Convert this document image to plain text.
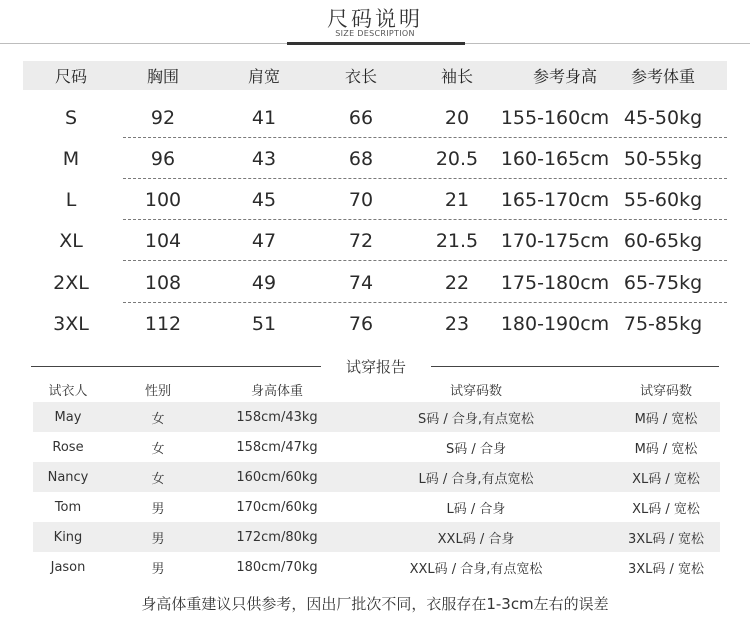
尺码说明
SIZE DESCRIPTION
尺码	胸围	肩宽	衣长	袖长	参考身高	参考体重
S	92	41	66	20	155-160cm 45-50kg
M	96	43	68	20.5	160-165cm 50-55kg
L	100	45	70	21	165-170cm 55-60kg
XL	104	47	72	21.5	170-175cm 60-65kg
2XL	108	49	74	22	175-180cm 65-75kg
3XL	112	51	76	23	180-190cm 75-85kg
试穿报告
试衣人	性别	身高体重	试穿码数	试穿码数
May	女	158cm/43kg	S码 / 合身,有点宽松	M码 / 宽松
Rose	女	158cm/47kg	S码 / 合身	M码 / 宽松
Nancy	女	160cm/60kg	L码 / 合身,有点宽松	XL码 / 宽松
Tom	男	170cm/60kg	L码 / 合身	XL码 / 宽松
King	男	172cm/80kg	XXL码 / 合身	3XL码 / 宽松
Jason	男	180cm/70kg	XXL码 / 合身,有点宽松	3XL码 / 宽松
身高体重建议只供参考，因出厂批次不同，衣服存在1-3cm左右的误差
